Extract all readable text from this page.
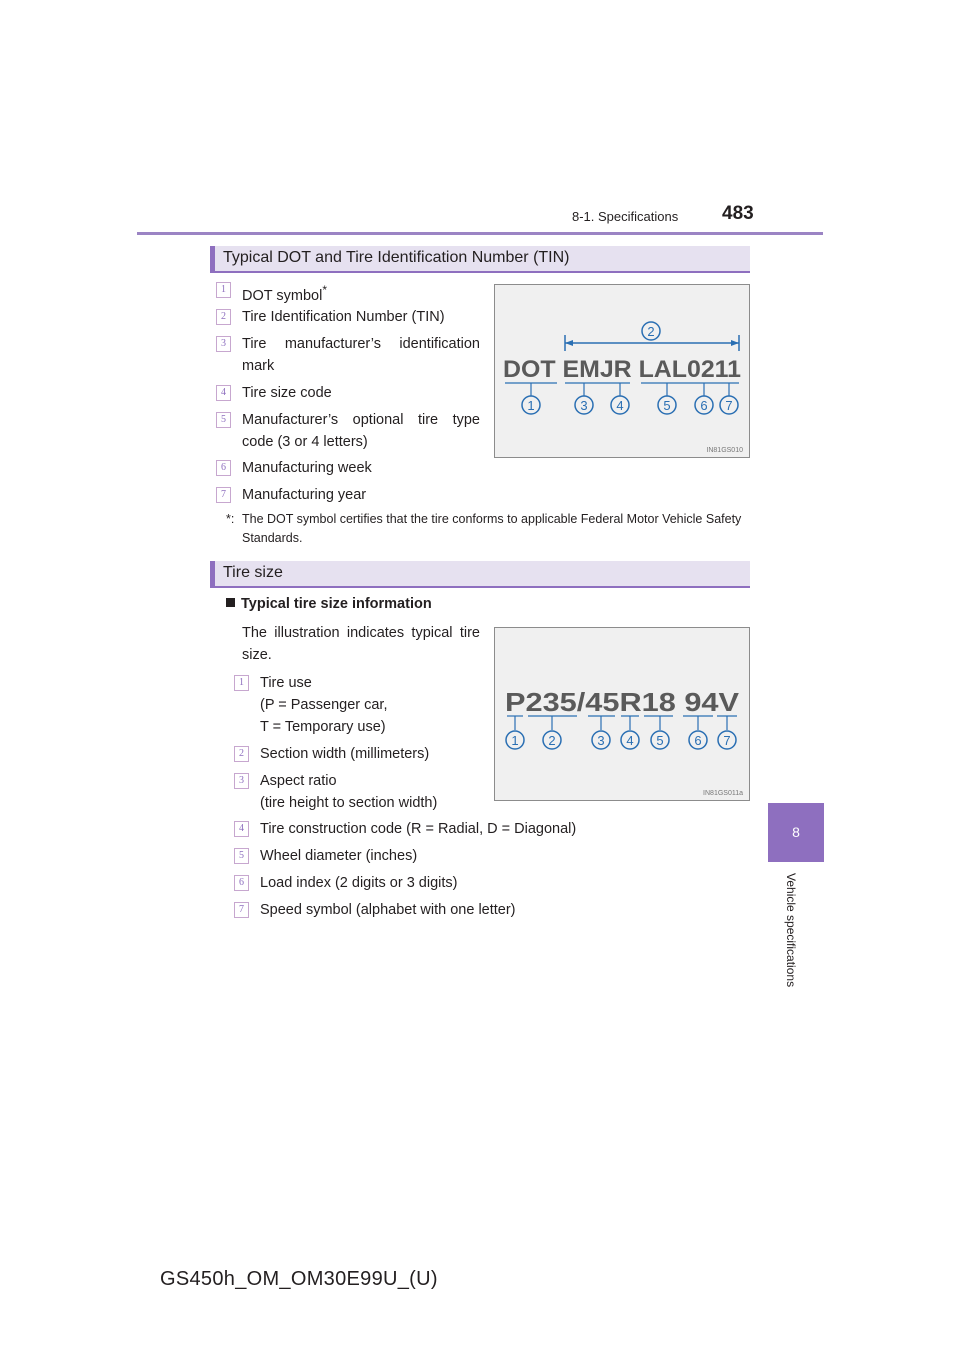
8-1. Specifications 483
8
Vehicle specifications
Typical DOT and Tire Identification Number (TIN)
1	DOT symbol*
2	Tire Identification Number (TIN)
3	Tire manufacturer’s identification mark
4	Tire size code
5	Manufacturer’s optional tire type code (3 or 4 letters)
6	Manufacturing week
7	Manufacturing year
2
DOT EMJR LAL0211
1	3 4	5 6 7
IN81GS010
*: The DOT symbol certifies that the tire conforms to applicable Federal Motor Vehicle Safety Standards.
Tire size
Typical tire size information
The illustration indicates typical tire size.
1	Tire use
(P = Passenger car,
T = Temporary use)
2	Section width (millimeters)
3	Aspect ratio
(tire height to section width)
4	Tire construction code (R = Radial, D = Diagonal)
5	Wheel diameter (inches)
6	Load index (2 digits or 3 digits)
7	Speed symbol (alphabet with one letter)
P235/45R18 94V
1 2	3 4 5 6 7
IN81GS011a
GS450h_OM_OM30E99U_(U)
